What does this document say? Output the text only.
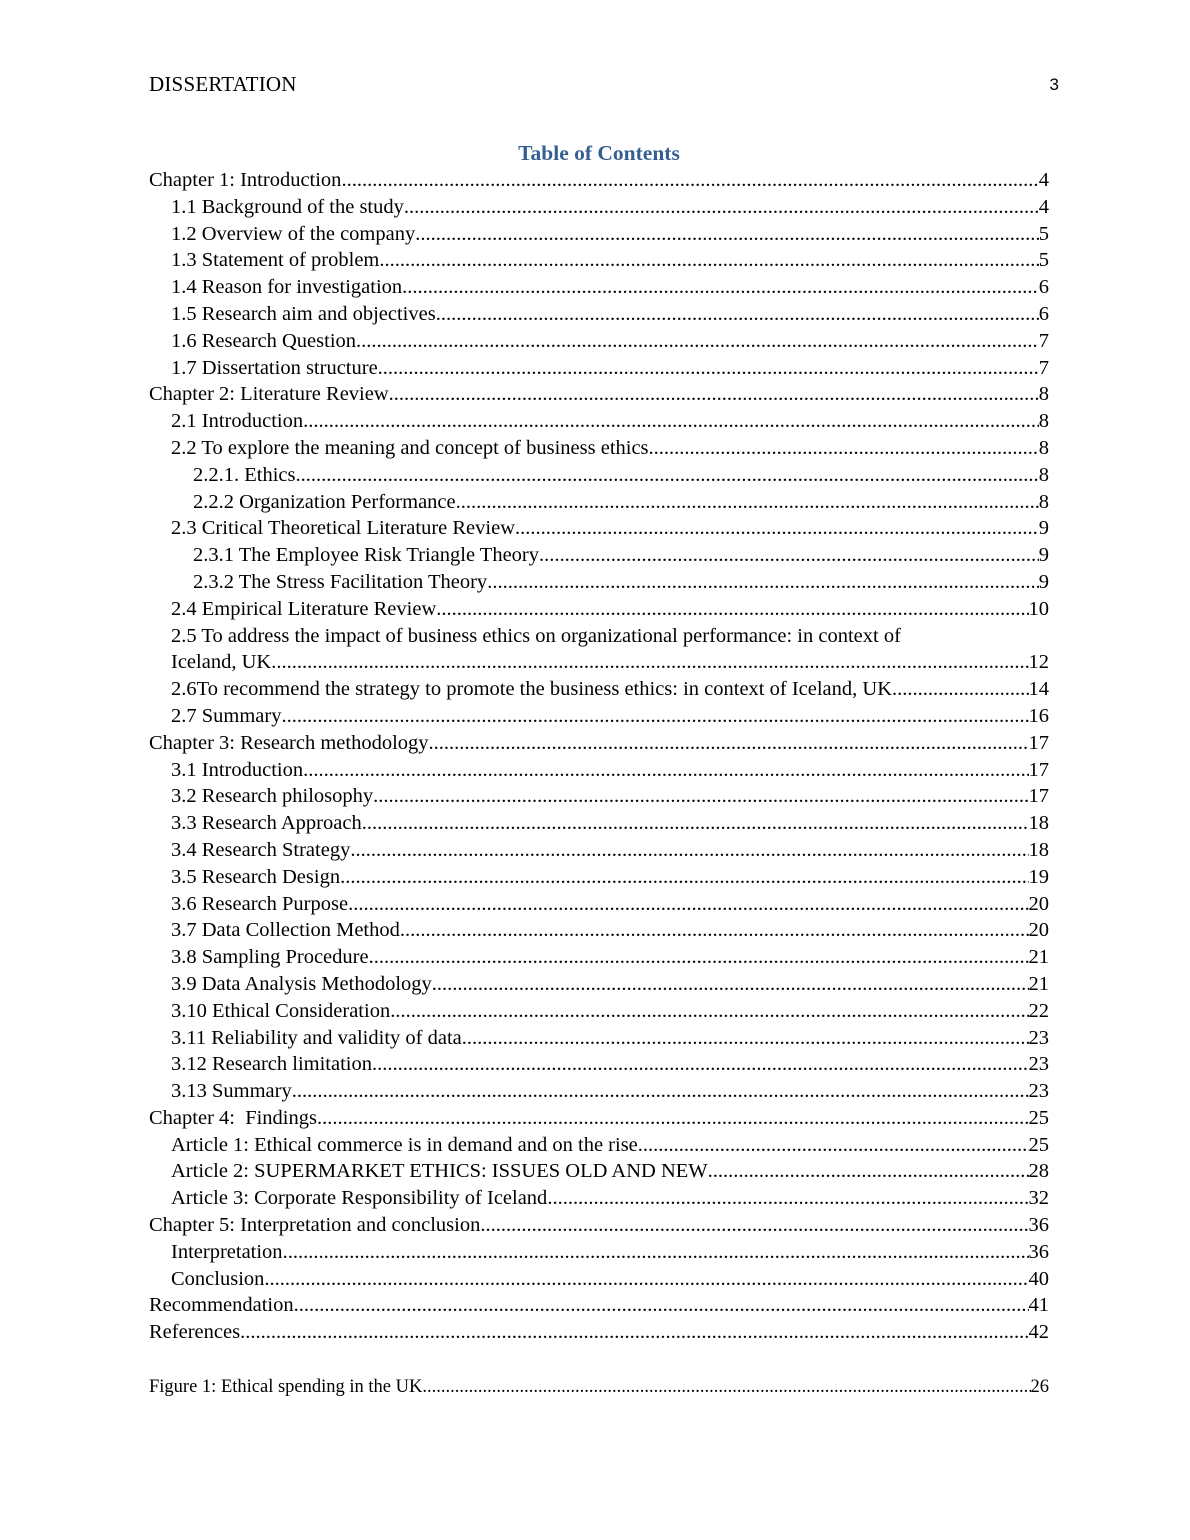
DISSERTATION	3
Table of Contents
Chapter 1: Introduction .....	4
1.1 Background of the study .....	4
1.2 Overview of the company .....	5
1.3 Statement of problem .....	5
1.4 Reason for investigation .....	6
1.5 Research aim and objectives .....	6
1.6 Research Question .....	7
1.7 Dissertation structure .....	7
Chapter 2: Literature Review .....	8
2.1 Introduction .....	8
2.2 To explore the meaning and concept of business ethics .....	8
2.2.1. Ethics .....	8
2.2.2 Organization Performance .....	8
2.3 Critical Theoretical Literature Review .....	9
2.3.1 The Employee Risk Triangle Theory .....	9
2.3.2 The Stress Facilitation Theory .....	9
2.4 Empirical Literature Review .....	10
2.5 To address the impact of business ethics on organizational performance: in context of
Iceland, UK .....	12
2.6To recommend the strategy to promote the business ethics: in context of Iceland, UK .....	14
2.7 Summary .....	16
Chapter 3: Research methodology .....	17
3.1 Introduction .....	17
3.2 Research philosophy .....	17
3.3 Research Approach .....	18
3.4 Research Strategy .....	18
3.5 Research Design .....	19
3.6 Research Purpose .....	20
3.7 Data Collection Method .....	20
3.8 Sampling Procedure .....	21
3.9 Data Analysis Methodology .....	21
3.10 Ethical Consideration .....	22
3.11 Reliability and validity of data .....	23
3.12 Research limitation .....	23
3.13 Summary .....	23
Chapter 4:  Findings .....	25
Article 1: Ethical commerce is in demand and on the rise .....	25
Article 2: SUPERMARKET ETHICS: ISSUES OLD AND NEW .....	28
Article 3: Corporate Responsibility of Iceland .....	32
Chapter 5: Interpretation and conclusion .....	36
Interpretation .....	36
Conclusion .....	40
Recommendation .....	41
References .....	42
Figure 1: Ethical spending in the UK .....	26
